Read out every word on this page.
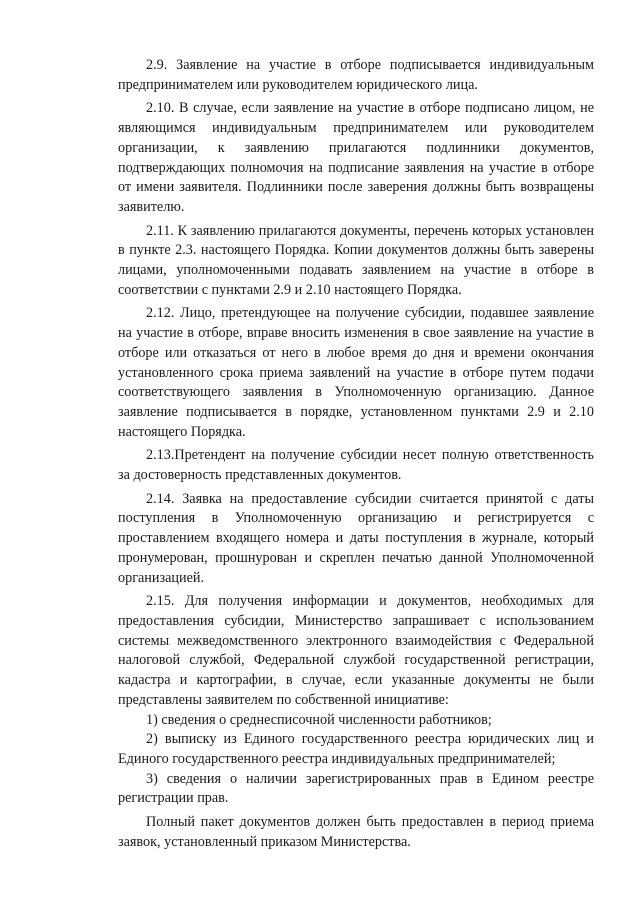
2.9. Заявление на участие в отборе подписывается индивидуальным предпринимателем или руководителем юридического лица.

2.10. В случае, если заявление на участие в отборе подписано лицом, не являющимся индивидуальным предпринимателем или руководителем организации, к заявлению прилагаются подлинники документов, подтверждающих полномочия на подписание заявления на участие в отборе от имени заявителя. Подлинники после заверения должны быть возвращены заявителю.

2.11. К заявлению прилагаются документы, перечень которых установлен в пункте 2.3. настоящего Порядка. Копии документов должны быть заверены лицами, уполномоченными подавать заявлением на участие в отборе в соответствии с пунктами 2.9 и 2.10 настоящего Порядка.

2.12. Лицо, претендующее на получение субсидии, подавшее заявление на участие в отборе, вправе вносить изменения в свое заявление на участие в отборе или отказаться от него в любое время до дня и времени окончания установленного срока приема заявлений на участие в отборе путем подачи соответствующего заявления в Уполномоченную организацию. Данное заявление подписывается в порядке, установленном пунктами 2.9 и 2.10 настоящего Порядка.

2.13.Претендент на получение субсидии несет полную ответственность за достоверность представленных документов.

2.14. Заявка на предоставление субсидии считается принятой с даты поступления в Уполномоченную организацию и регистрируется с проставлением входящего номера и даты поступления в журнале, который пронумерован, прошнурован и скреплен печатью данной Уполномоченной организацией.

2.15. Для получения информации и документов, необходимых для предоставления субсидии, Министерство запрашивает с использованием системы межведомственного электронного взаимодействия с Федеральной налоговой службой, Федеральной службой государственной регистрации, кадастра и картографии, в случае, если указанные документы не были представлены заявителем по собственной инициативе:

1) сведения о среднесписочной численности работников;

2) выписку из Единого государственного реестра юридических лиц и Единого государственного реестра индивидуальных предпринимателей;

3) сведения о наличии зарегистрированных прав в Едином реестре регистрации прав.

Полный пакет документов должен быть предоставлен в период приема заявок, установленный приказом Министерства.
